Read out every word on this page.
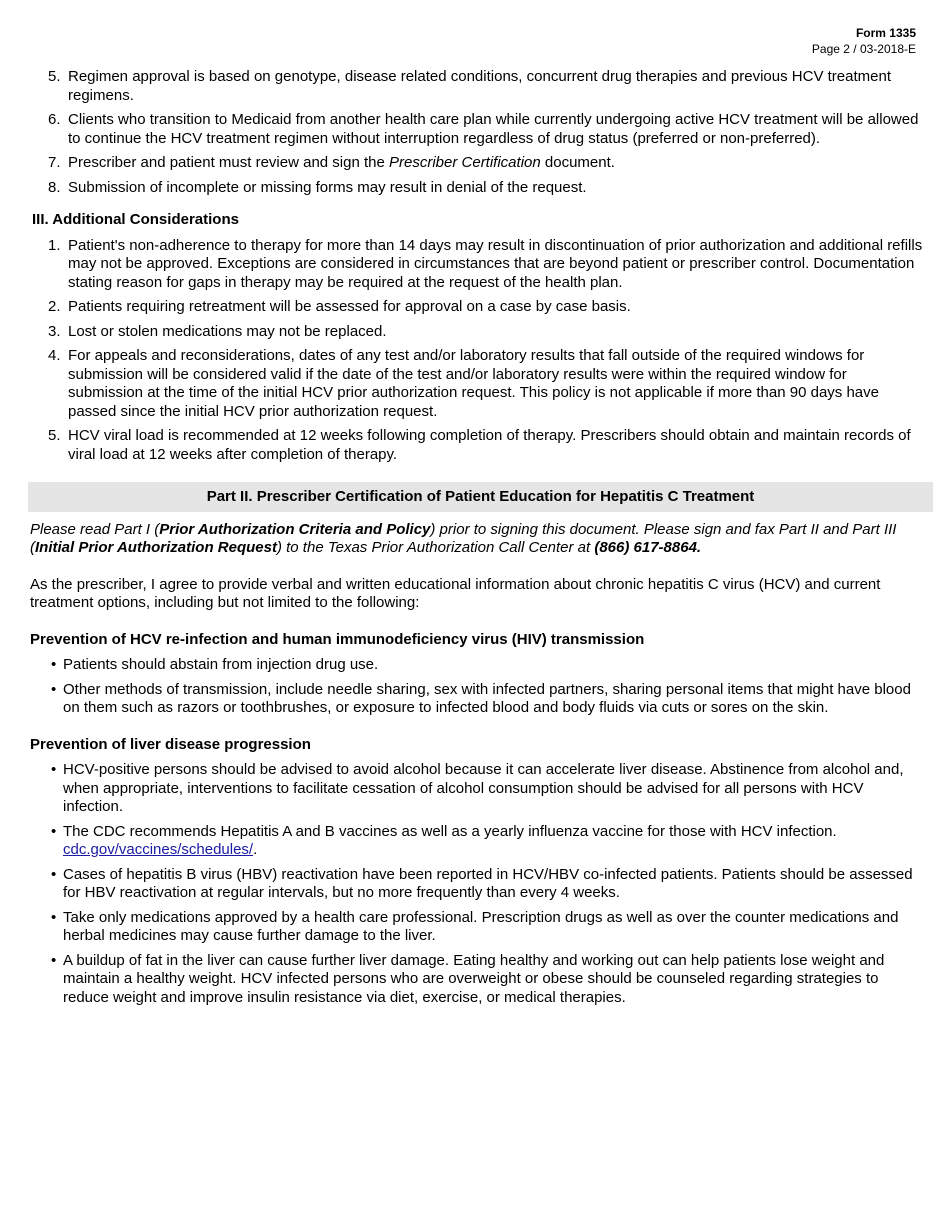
Form 1335
Page 2 / 03-2018-E
5. Regimen approval is based on genotype, disease related conditions, concurrent drug therapies and previous HCV treatment regimens.
6. Clients who transition to Medicaid from another health care plan while currently undergoing active HCV treatment will be allowed to continue the HCV treatment regimen without interruption regardless of drug status (preferred or non-preferred).
7. Prescriber and patient must review and sign the Prescriber Certification document.
8. Submission of incomplete or missing forms may result in denial of the request.
III. Additional Considerations
1. Patient's non-adherence to therapy for more than 14 days may result in discontinuation of prior authorization and additional refills may not be approved. Exceptions are considered in circumstances that are beyond patient or prescriber control. Documentation stating reason for gaps in therapy may be required at the request of the health plan.
2. Patients requiring retreatment will be assessed for approval on a case by case basis.
3. Lost or stolen medications may not be replaced.
4. For appeals and reconsiderations, dates of any test and/or laboratory results that fall outside of the required windows for submission will be considered valid if the date of the test and/or laboratory results were within the required window for submission at the time of the initial HCV prior authorization request. This policy is not applicable if more than 90 days have passed since the initial HCV prior authorization request.
5. HCV viral load is recommended at 12 weeks following completion of therapy. Prescribers should obtain and maintain records of viral load at 12 weeks after completion of therapy.
Part II. Prescriber Certification of Patient Education for Hepatitis C Treatment

Please read Part I (Prior Authorization Criteria and Policy) prior to signing this document. Please sign and fax Part II and Part III (Initial Prior Authorization Request) to the Texas Prior Authorization Call Center at (866) 617-8864.

As the prescriber, I agree to provide verbal and written educational information about chronic hepatitis C virus (HCV) and current treatment options, including but not limited to the following:

Prevention of HCV re-infection and human immunodeficiency virus (HIV) transmission
• Patients should abstain from injection drug use.
• Other methods of transmission, include needle sharing, sex with infected partners, sharing personal items that might have blood on them such as razors or toothbrushes, or exposure to infected blood and body fluids via cuts or sores on the skin.
Prevention of liver disease progression
• HCV-positive persons should be advised to avoid alcohol because it can accelerate liver disease. Abstinence from alcohol and, when appropriate, interventions to facilitate cessation of alcohol consumption should be advised for all persons with HCV infection.
• The CDC recommends Hepatitis A and B vaccines as well as a yearly influenza vaccine for those with HCV infection.
cdc.gov/vaccines/schedules/.
• Cases of hepatitis B virus (HBV) reactivation have been reported in HCV/HBV co-infected patients. Patients should be assessed for HBV reactivation at regular intervals, but no more frequently than every 4 weeks.
• Take only medications approved by a health care professional. Prescription drugs as well as over the counter medications and herbal medicines may cause further damage to the liver.
• A buildup of fat in the liver can cause further liver damage. Eating healthy and working out can help patients lose weight and maintain a healthy weight. HCV infected persons who are overweight or obese should be counseled regarding strategies to reduce weight and improve insulin resistance via diet, exercise, or medical therapies.
